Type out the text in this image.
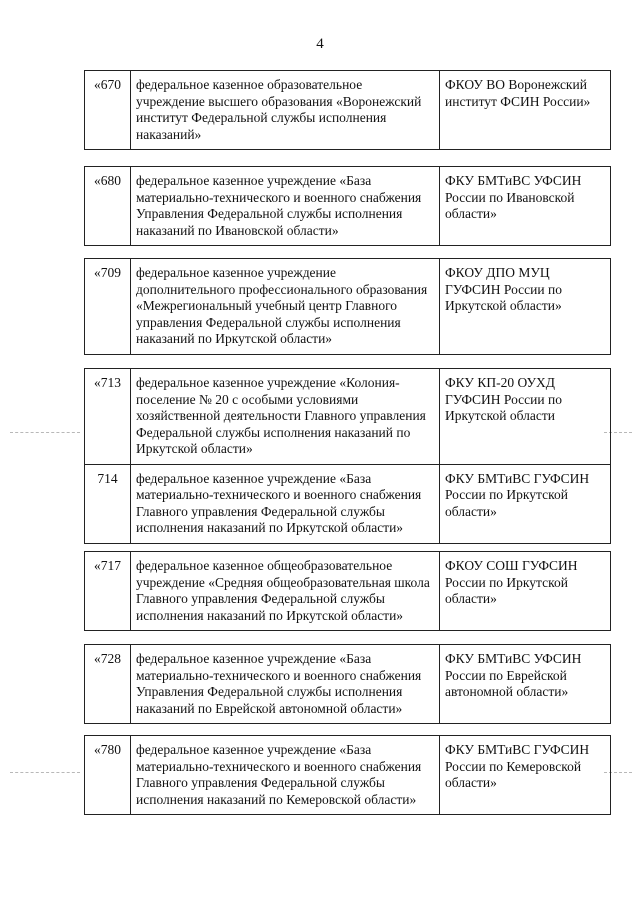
4
«670	федеральное казенное образовательное учреждение высшего образования «Воронежский институт Федеральной службы исполнения наказаний»	ФКОУ ВО Воронежский институт ФСИН России»
«680	федеральное казенное учреждение «База материально-технического и военного снабжения Управления Федеральной службы исполнения наказаний по Ивановской области»	ФКУ БМТиВС УФСИН России по Ивановской области»
«709	федеральное казенное учреждение дополнительного профессионального образования «Межрегиональный учебный центр Главного управления Федеральной службы исполнения наказаний по Иркутской области»	ФКОУ ДПО МУЦ ГУФСИН России по Иркутской области»
«713	федеральное казенное учреждение «Колония-поселение № 20 с особыми условиями хозяйственной деятельности Главного управления Федеральной службы исполнения наказаний по Иркутской области»	ФКУ КП-20 ОУХД ГУФСИН России по Иркутской области
714	федеральное казенное учреждение «База материально-технического и военного снабжения Главного управления Федеральной службы исполнения наказаний по Иркутской области»	ФКУ БМТиВС ГУФСИН России по Иркутской области»
«717	федеральное казенное общеобразовательное учреждение «Средняя общеобразовательная школа Главного управления Федеральной службы исполнения наказаний по Иркутской области»	ФКОУ СОШ ГУФСИН России по Иркутской области»
«728	федеральное казенное учреждение «База материально-технического и военного снабжения Управления Федеральной службы исполнения наказаний по Еврейской автономной области»	ФКУ БМТиВС УФСИН России по Еврейской автономной области»
«780	федеральное казенное учреждение «База материально-технического и военного снабжения Главного управления Федеральной службы исполнения наказаний по Кемеровской области»	ФКУ БМТиВС ГУФСИН России по Кемеровской области»
